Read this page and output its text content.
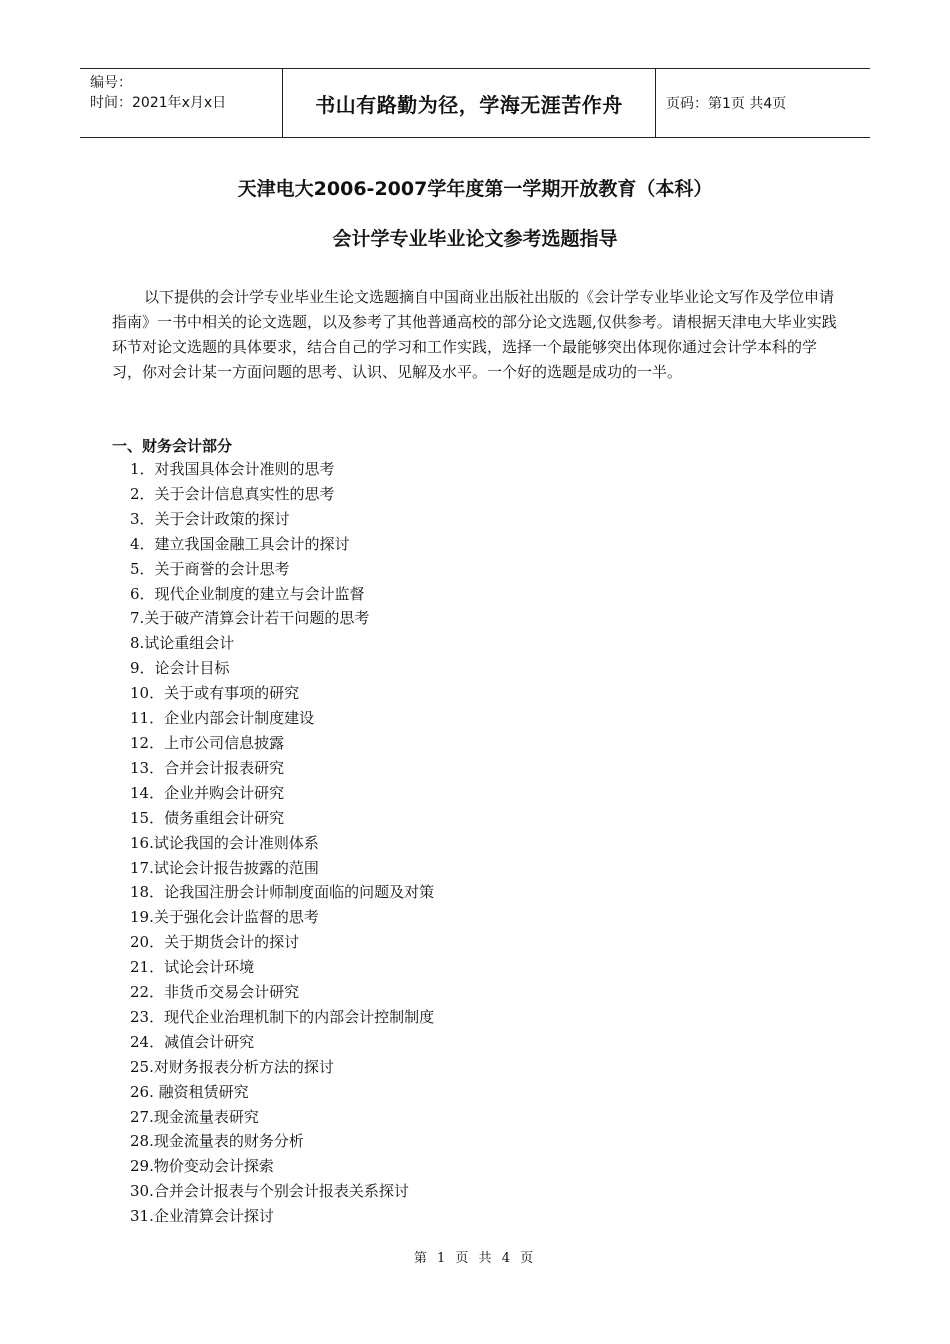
编号：
时间：2021年x月x日	书山有路勤为径，学海无涯苦作舟	页码：第1页 共4页
天津电大2006-2007学年度第一学期开放教育（本科）
会计学专业毕业论文参考选题指导

以下提供的会计学专业毕业生论文选题摘自中国商业出版社出版的《会计学专业毕业论文写作及学位申请指南》一书中相关的论文选题，以及参考了其他普通高校的部分论文选题,仅供参考。请根据天津电大毕业实践环节对论文选题的具体要求，结合自己的学习和工作实践，选择一个最能够突出体现你通过会计学本科的学习，你对会计某一方面问题的思考、认识、见解及水平。一个好的选题是成功的一半。

一、财务会计部分
1．对我国具体会计准则的思考
2．关于会计信息真实性的思考
3．关于会计政策的探讨
4．建立我国金融工具会计的探讨
5．关于商誉的会计思考
6．现代企业制度的建立与会计监督
7.关于破产清算会计若干问题的思考
8.试论重组会计
9．论会计目标
10．关于或有事项的研究
11．企业内部会计制度建设
12．上市公司信息披露
13．合并会计报表研究
14．企业并购会计研究
15．债务重组会计研究
16.试论我国的会计准则体系
17.试论会计报告披露的范围
18．论我国注册会计师制度面临的问题及对策
19.关于强化会计监督的思考
20．关于期货会计的探讨
21．试论会计环境
22．非货币交易会计研究
23．现代企业治理机制下的内部会计控制制度
24．减值会计研究
25.对财务报表分析方法的探讨
26. 融资租赁研究
27.现金流量表研究
28.现金流量表的财务分析
29.物价变动会计探索
30.合并会计报表与个别会计报表关系探讨
31.企业清算会计探讨
第 1 页 共 4 页
